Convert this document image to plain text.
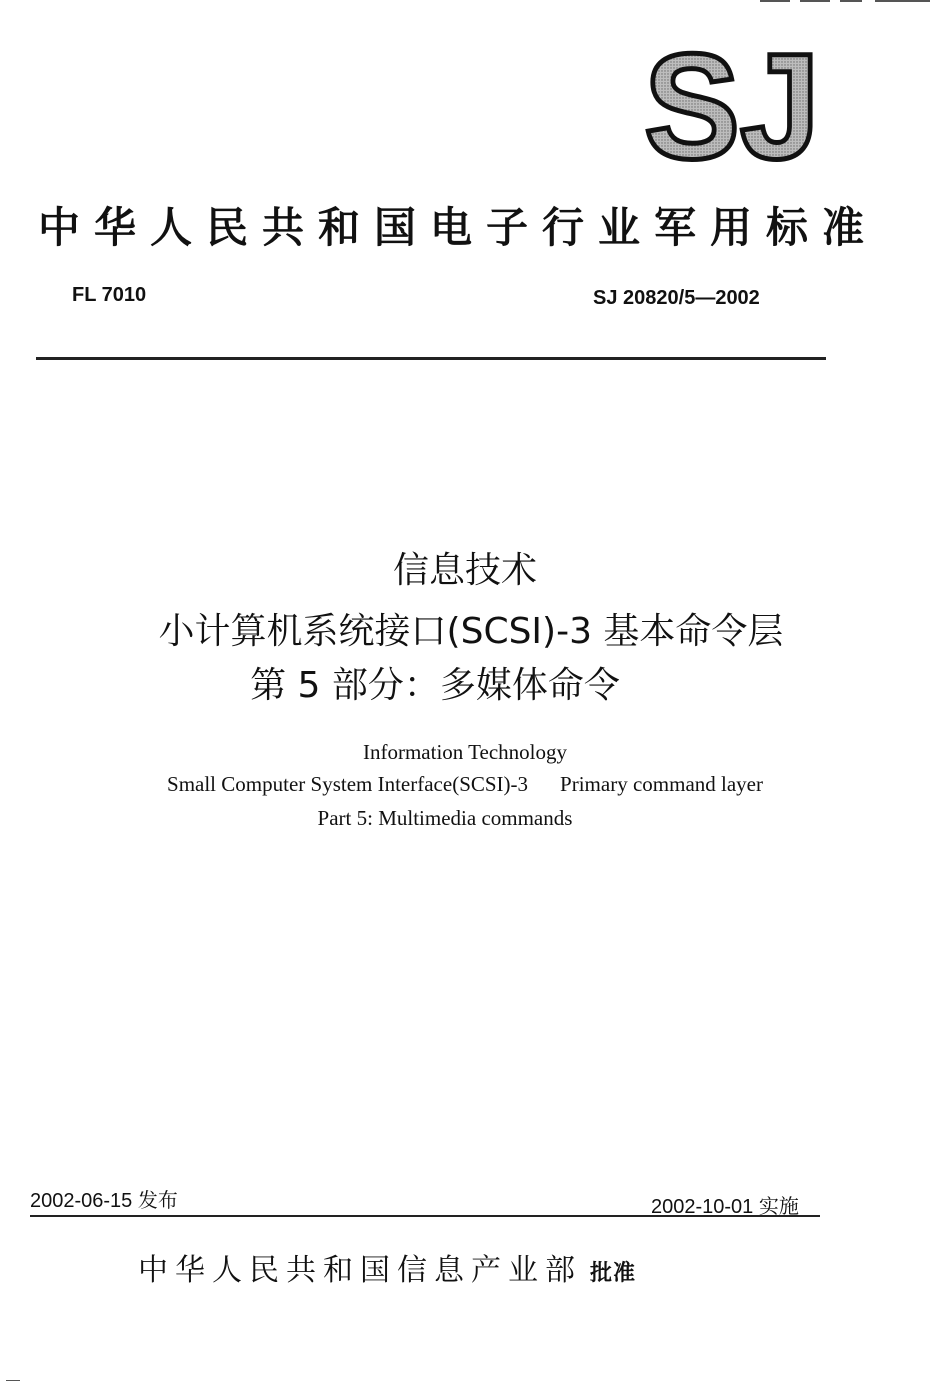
SJ
中华人民共和国电子行业军用标准
FL 7010	SJ 20820/5—2002
信息技术
小计算机系统接口(SCSI)-3 基本命令层
第 5 部分：多媒体命令
Information Technology
Small Computer System Interface(SCSI)-3 Primary command layer
Part 5: Multimedia commands
2002-06-15 发布	2002-10-01 实施
中华人民共和国信息产业部 批准
